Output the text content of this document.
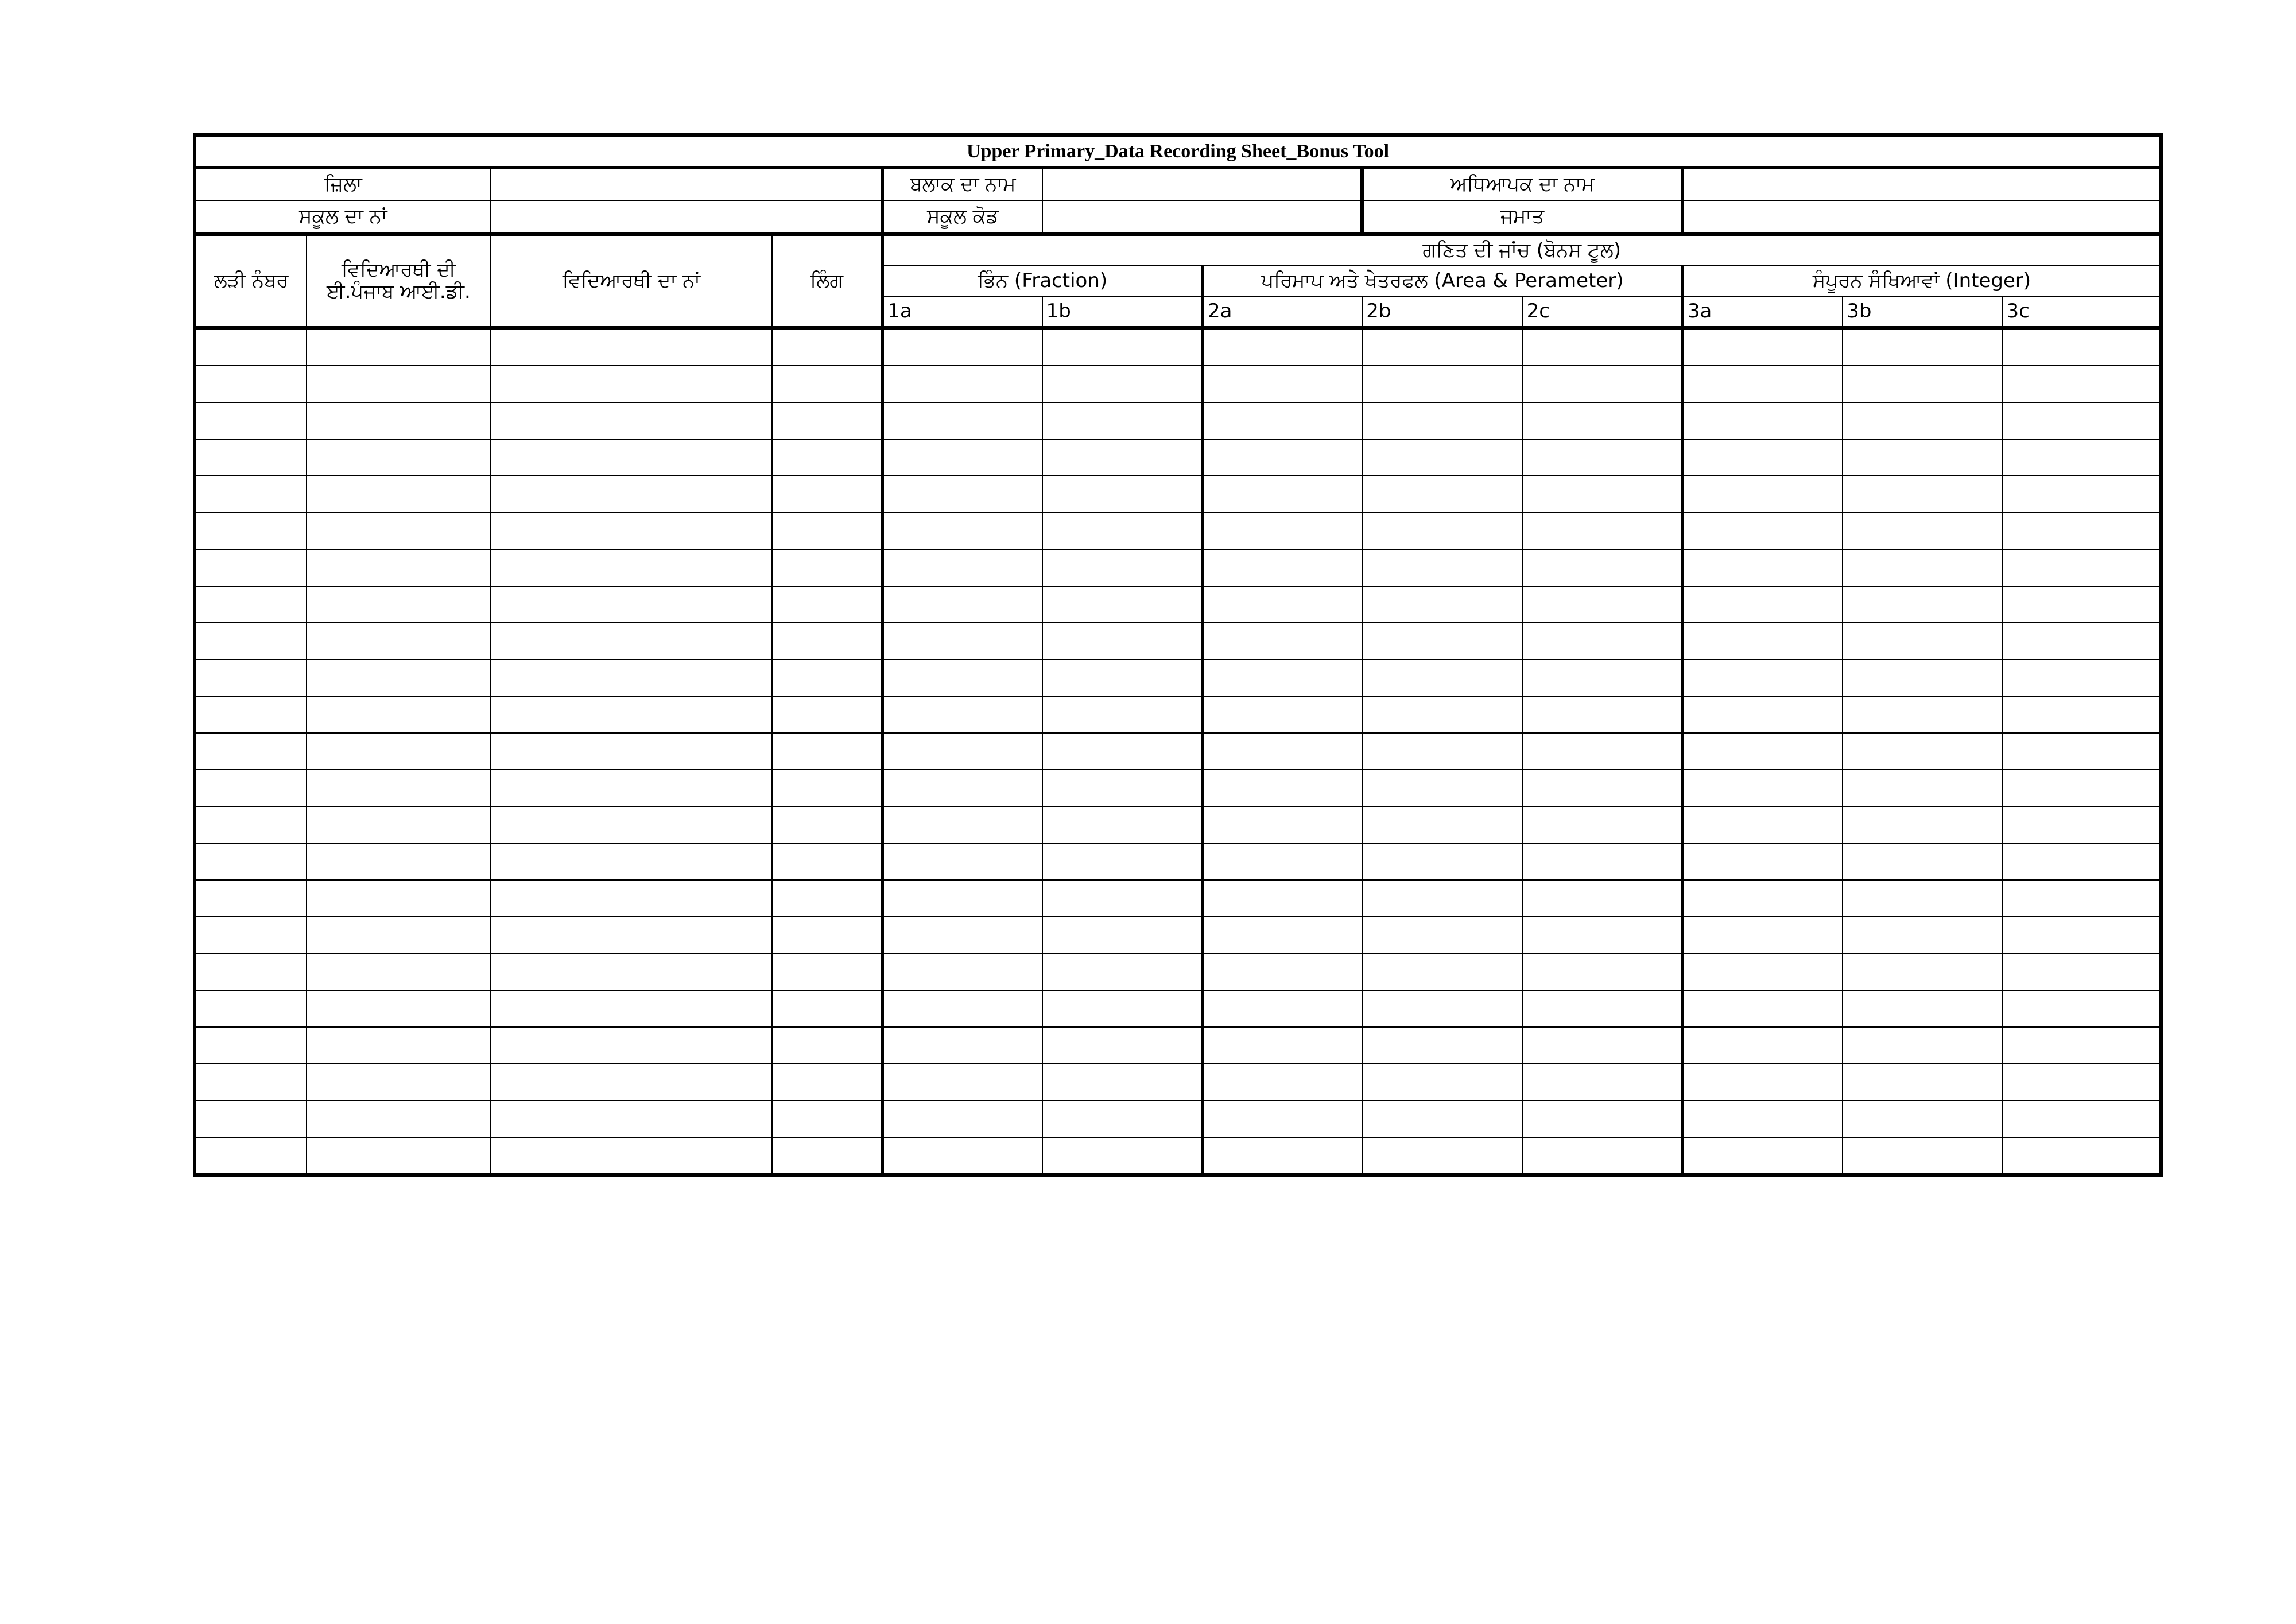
Upper Primary_Data Recording Sheet_Bonus Tool											
ਜ਼ਿਲਾ				ਬਲਾਕ ਦਾ ਨਾਮ			ਅਧਿਆਪਕ ਦਾ ਨਾਮ				
ਸਕੂਲ ਦਾ ਨਾਂ				ਸਕੂਲ ਕੋਡ			ਜਮਾਤ				
ਲੜੀ ਨੰਬਰ	ਵਿਦਿਆਰਥੀ ਦੀ ਈ.ਪੰਜਾਬ ਆਈ.ਡੀ.	ਵਿਦਿਆਰਥੀ ਦਾ ਨਾਂ	ਲਿੰਗ	ਗਣਿਤ ਦੀ ਜਾਂਚ (ਬੋਨਸ ਟੂਲ)							
				ਭਿੰਨ (Fraction)		ਪਰਿਮਾਪ ਅਤੇ ਖੇਤਰਫਲ (Area & Perameter)			ਸੰਪੂਰਨ ਸੰਖਿਆਵਾਂ (Integer)		
				1a	1b	2a	2b	2c	3a	3b	3c
